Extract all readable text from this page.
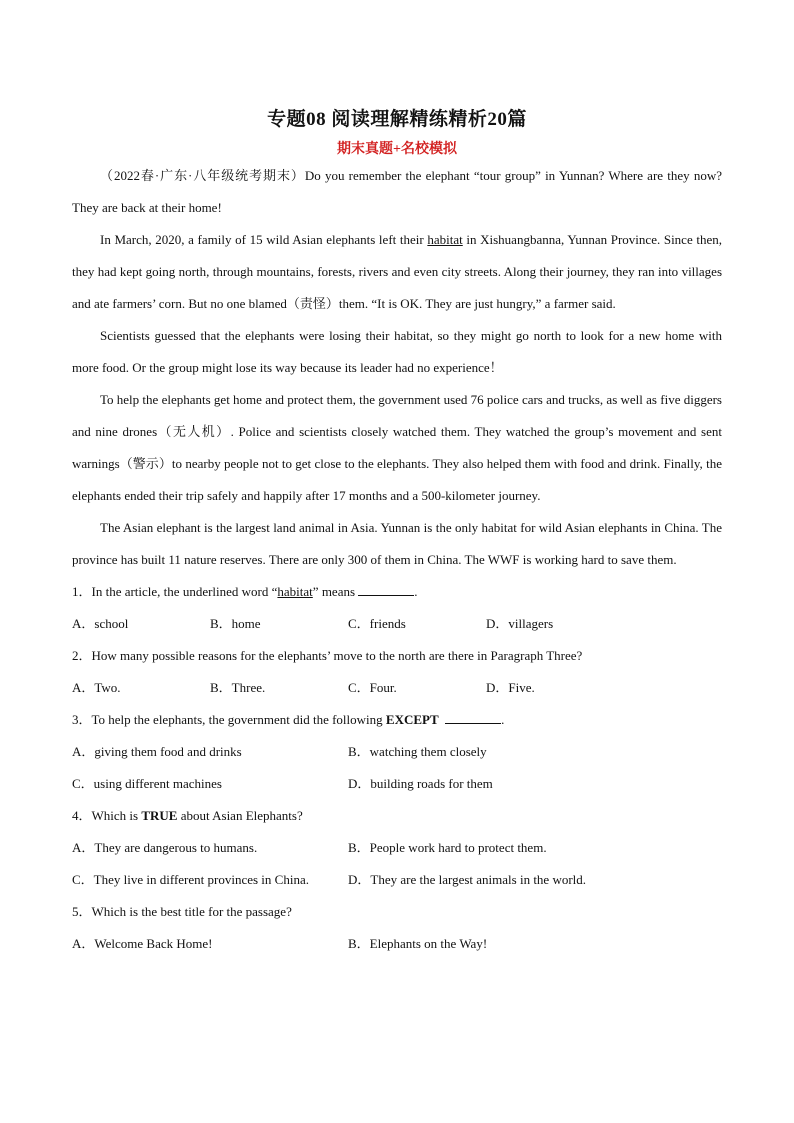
专题08 阅读理解精练精析20篇
期末真题+名校模拟

（2022春·广东·八年级统考期末）Do you remember the elephant “tour group” in Yunnan? Where are they now? They are back at their home!

In March, 2020, a family of 15 wild Asian elephants left their habitat in Xishuangbanna, Yunnan Province. Since then, they had kept going north, through mountains, forests, rivers and even city streets. Along their journey, they ran into villages and ate farmers’ corn. But no one blamed（责怪）them. “It is OK. They are just hungry,” a farmer said.

Scientists guessed that the elephants were losing their habitat, so they might go north to look for a new home with more food. Or the group might lose its way because its leader had no experience！

To help the elephants get home and protect them, the government used 76 police cars and trucks, as well as five diggers and nine drones（无人机）. Police and scientists closely watched them. They watched the group’s movement and sent warnings（警示）to nearby people not to get close to the elephants. They also helped them with food and drink. Finally, the elephants ended their trip safely and happily after 17 months and a 500-kilometer journey.

The Asian elephant is the largest land animal in Asia. Yunnan is the only habitat for wild Asian elephants in China. The province has built 11 nature reserves. There are only 300 of them in China. The WWF is working hard to save them.

1．In the article, the underlined word “habitat” means	.

A．school	B．home	C．friends	D．villagers

2．How many possible reasons for the elephants’ move to the north are there in Paragraph Three?

A．Two.	B．Three.	C．Four.	D．Five.

3．To help the elephants, the government did the following EXCEPT	.

A．giving them food and drinks	B．watching them closely
C．using different machines	D．building roads for them

4．Which is TRUE about Asian Elephants?

A．They are dangerous to humans.	B．People work hard to protect them.
C．They live in different provinces in China.	D．They are the largest animals in the world.

5．Which is the best title for the passage?

A．Welcome Back Home!	B．Elephants on the Way!
